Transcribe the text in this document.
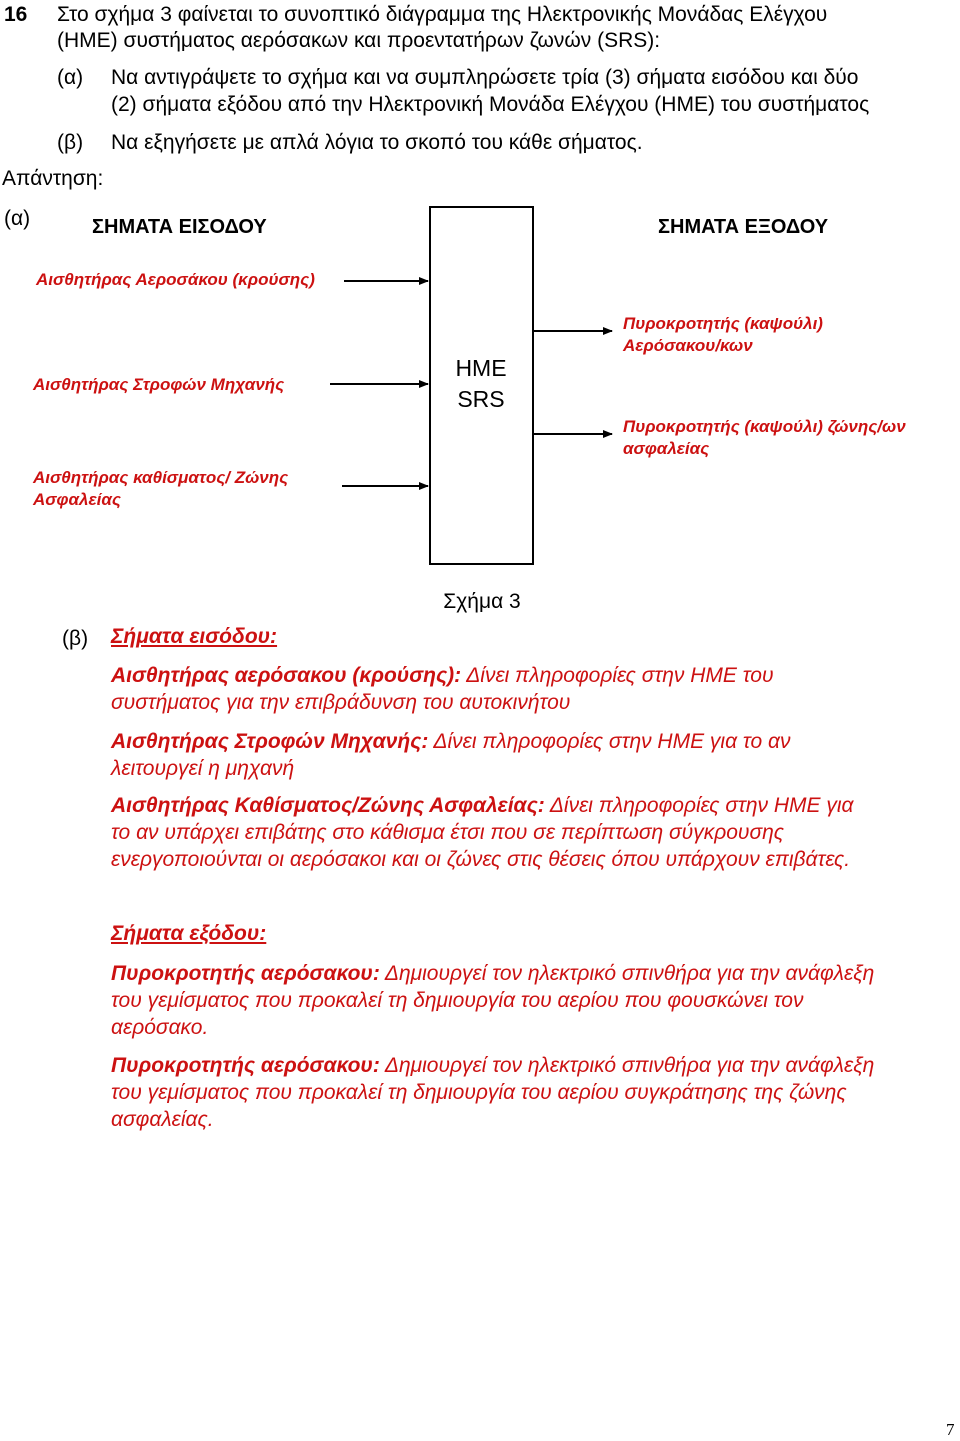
16 Στο σχήμα 3 φαίνεται το συνοπτικό διάγραμμα της Ηλεκτρονικής Μονάδας Ελέγχου
(ΗΜΕ) συστήματος αερόσακων και προεντατήρων ζωνών (SRS):
(α) Να αντιγράψετε το σχήμα και να συμπληρώσετε τρία (3) σήματα εισόδου και δύο
(2) σήματα εξόδου από την Ηλεκτρονική Μονάδα Ελέγχου (ΗΜΕ) του συστήματος
(β) Να εξηγήσετε με απλά λόγια το σκοπό του κάθε σήματος.
Απάντηση:
(α)	ΣΗΜΑΤΑ ΕΙΣΟΔΟΥ	ΣΗΜΑΤΑ ΕΞΟΔΟΥ
ΗΜΕ
SRS
Σχήμα 3
Αισθητήρας Αεροσάκου (κρούσης)
Αισθητήρας Στροφών Μηχανής
Αισθητήρας καθίσματος/ Ζώνης
Ασφαλείας
Πυροκροτητής (καψούλι)
Αερόσακου/κων
Πυροκροτητής (καψούλι) ζώνης/ων
ασφαλείας
(β) Σήματα εισόδου:
Αισθητήρας αερόσακου (κρούσης): Δίνει πληροφορίες στην ΗΜΕ του
συστήματος για την επιβράδυνση του αυτοκινήτου
Αισθητήρας Στροφών Μηχανής: Δίνει πληροφορίες στην ΗΜΕ για το αν
λειτουργεί η μηχανή
Αισθητήρας Καθίσματος/Ζώνης Ασφαλείας: Δίνει πληροφορίες στην ΗΜΕ για
το αν υπάρχει επιβάτης στο κάθισμα έτσι που σε περίπτωση σύγκρουσης
ενεργοποιούνται οι αερόσακοι και οι ζώνες στις θέσεις όπου υπάρχουν επιβάτες.
Σήματα εξόδου:
Πυροκροτητής αερόσακου: Δημιουργεί τον ηλεκτρικό σπινθήρα για την ανάφλεξη
του γεμίσματος που προκαλεί τη δημιουργία του αερίου που φουσκώνει τον
αερόσακο.
Πυροκροτητής αερόσακου: Δημιουργεί τον ηλεκτρικό σπινθήρα για την ανάφλεξη
του γεμίσματος που προκαλεί τη δημιουργία του αερίου συγκράτησης της ζώνης
ασφαλείας.
7
